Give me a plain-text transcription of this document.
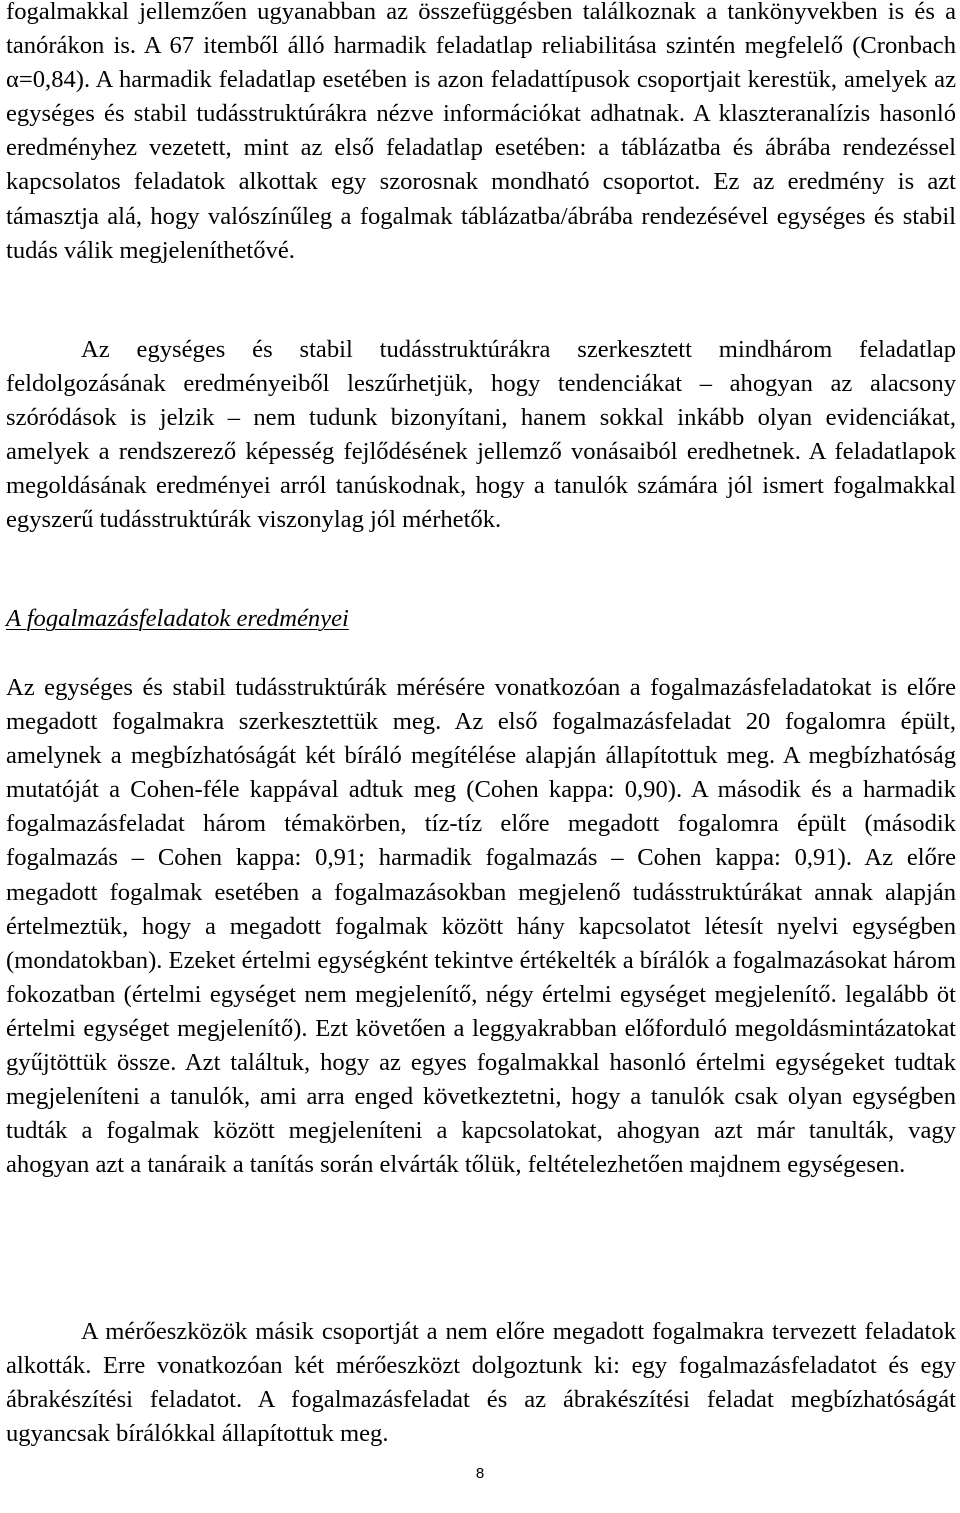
fogalmakkal jellemzően ugyanabban az összefüggésben találkoznak a tankönyvekben is és a tanórákon is. A 67 itemből álló harmadik feladatlap reliabilitása szintén megfelelő (Cronbach α=0,84). A harmadik feladatlap esetében is azon feladattípusok csoportjait kerestük, amelyek az egységes és stabil tudásstruktúrákra nézve információkat adhatnak. A klaszteranalízis hasonló eredményhez vezetett, mint az első feladatlap esetében: a táblázatba és ábrába rendezéssel kapcsolatos feladatok alkottak egy szorosnak mondható csoportot. Ez az eredmény is azt támasztja alá, hogy valószínűleg a fogalmak táblázatba/ábrába rendezésével egységes és stabil tudás válik megjeleníthetővé.

Az egységes és stabil tudásstruktúrákra szerkesztett mindhárom feladatlap feldolgozásának eredményeiből leszűrhetjük, hogy tendenciákat – ahogyan az alacsony szóródások is jelzik – nem tudunk bizonyítani, hanem sokkal inkább olyan evidenciákat, amelyek a rendszerező képesség fejlődésének jellemző vonásaiból eredhetnek. A feladatlapok megoldásának eredményei arról tanúskodnak, hogy a tanulók számára jól ismert fogalmakkal egyszerű tudásstruktúrák viszonylag jól mérhetők.

A fogalmazásfeladatok eredményei

Az egységes és stabil tudásstruktúrák mérésére vonatkozóan a fogalmazásfeladatokat is előre megadott fogalmakra szerkesztettük meg. Az első fogalmazásfeladat 20 fogalomra épült, amelynek a megbízhatóságát két bíráló megítélése alapján állapítottuk meg. A megbízhatóság mutatóját a Cohen-féle kappával adtuk meg (Cohen kappa: 0,90). A második és a harmadik fogalmazásfeladat három témakörben, tíz-tíz előre megadott fogalomra épült (második fogalmazás – Cohen kappa: 0,91; harmadik fogalmazás – Cohen kappa: 0,91). Az előre megadott fogalmak esetében a fogalmazásokban megjelenő tudásstruktúrákat annak alapján értelmeztük, hogy a megadott fogalmak között hány kapcsolatot létesít nyelvi egységben (mondatokban). Ezeket értelmi egységként tekintve értékelték a bírálók a fogalmazásokat három fokozatban (értelmi egységet nem megjelenítő, négy értelmi egységet megjelenítő. legalább öt értelmi egységet megjelenítő). Ezt követően a leggyakrabban előforduló megoldásmintázatokat gyűjtöttük össze. Azt találtuk, hogy az egyes fogalmakkal hasonló értelmi egységeket tudtak megjeleníteni a tanulók, ami arra enged következtetni, hogy a tanulók csak olyan egységben tudták a fogalmak között megjeleníteni a kapcsolatokat, ahogyan azt már tanulták, vagy ahogyan azt a tanáraik a tanítás során elvárták tőlük, feltételezhetően majdnem egységesen.

A mérőeszközök másik csoportját a nem előre megadott fogalmakra tervezett feladatok alkották. Erre vonatkozóan két mérőeszközt dolgoztunk ki: egy fogalmazásfeladatot és egy ábrakészítési feladatot. A fogalmazásfeladat és az ábrakészítési feladat megbízhatóságát ugyancsak bírálókkal állapítottuk meg.

8
